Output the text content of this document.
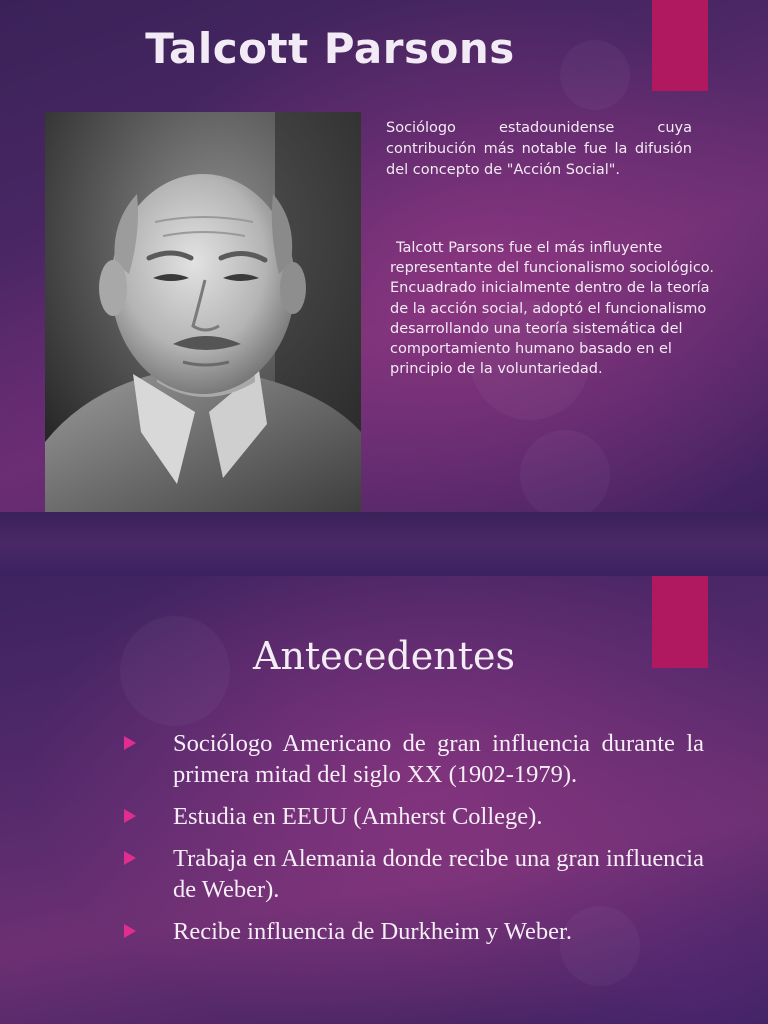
Talcott Parsons

Sociólogo estadounidense cuya contribución más notable fue la difusión del concepto de "Acción Social".

Talcott Parsons fue el más influyente representante del funcionalismo sociológico. Encuadrado inicialmente dentro de la teoría de la acción social, adoptó el funcionalismo desarrollando una teoría sistemática del comportamiento humano basado en el principio de la voluntariedad.

Antecedentes
Sociólogo Americano de gran influencia durante la primera mitad del siglo XX (1902-1979).
Estudia en EEUU (Amherst College).
Trabaja en Alemania donde recibe una gran influencia de Weber).
Recibe influencia de Durkheim y Weber.
